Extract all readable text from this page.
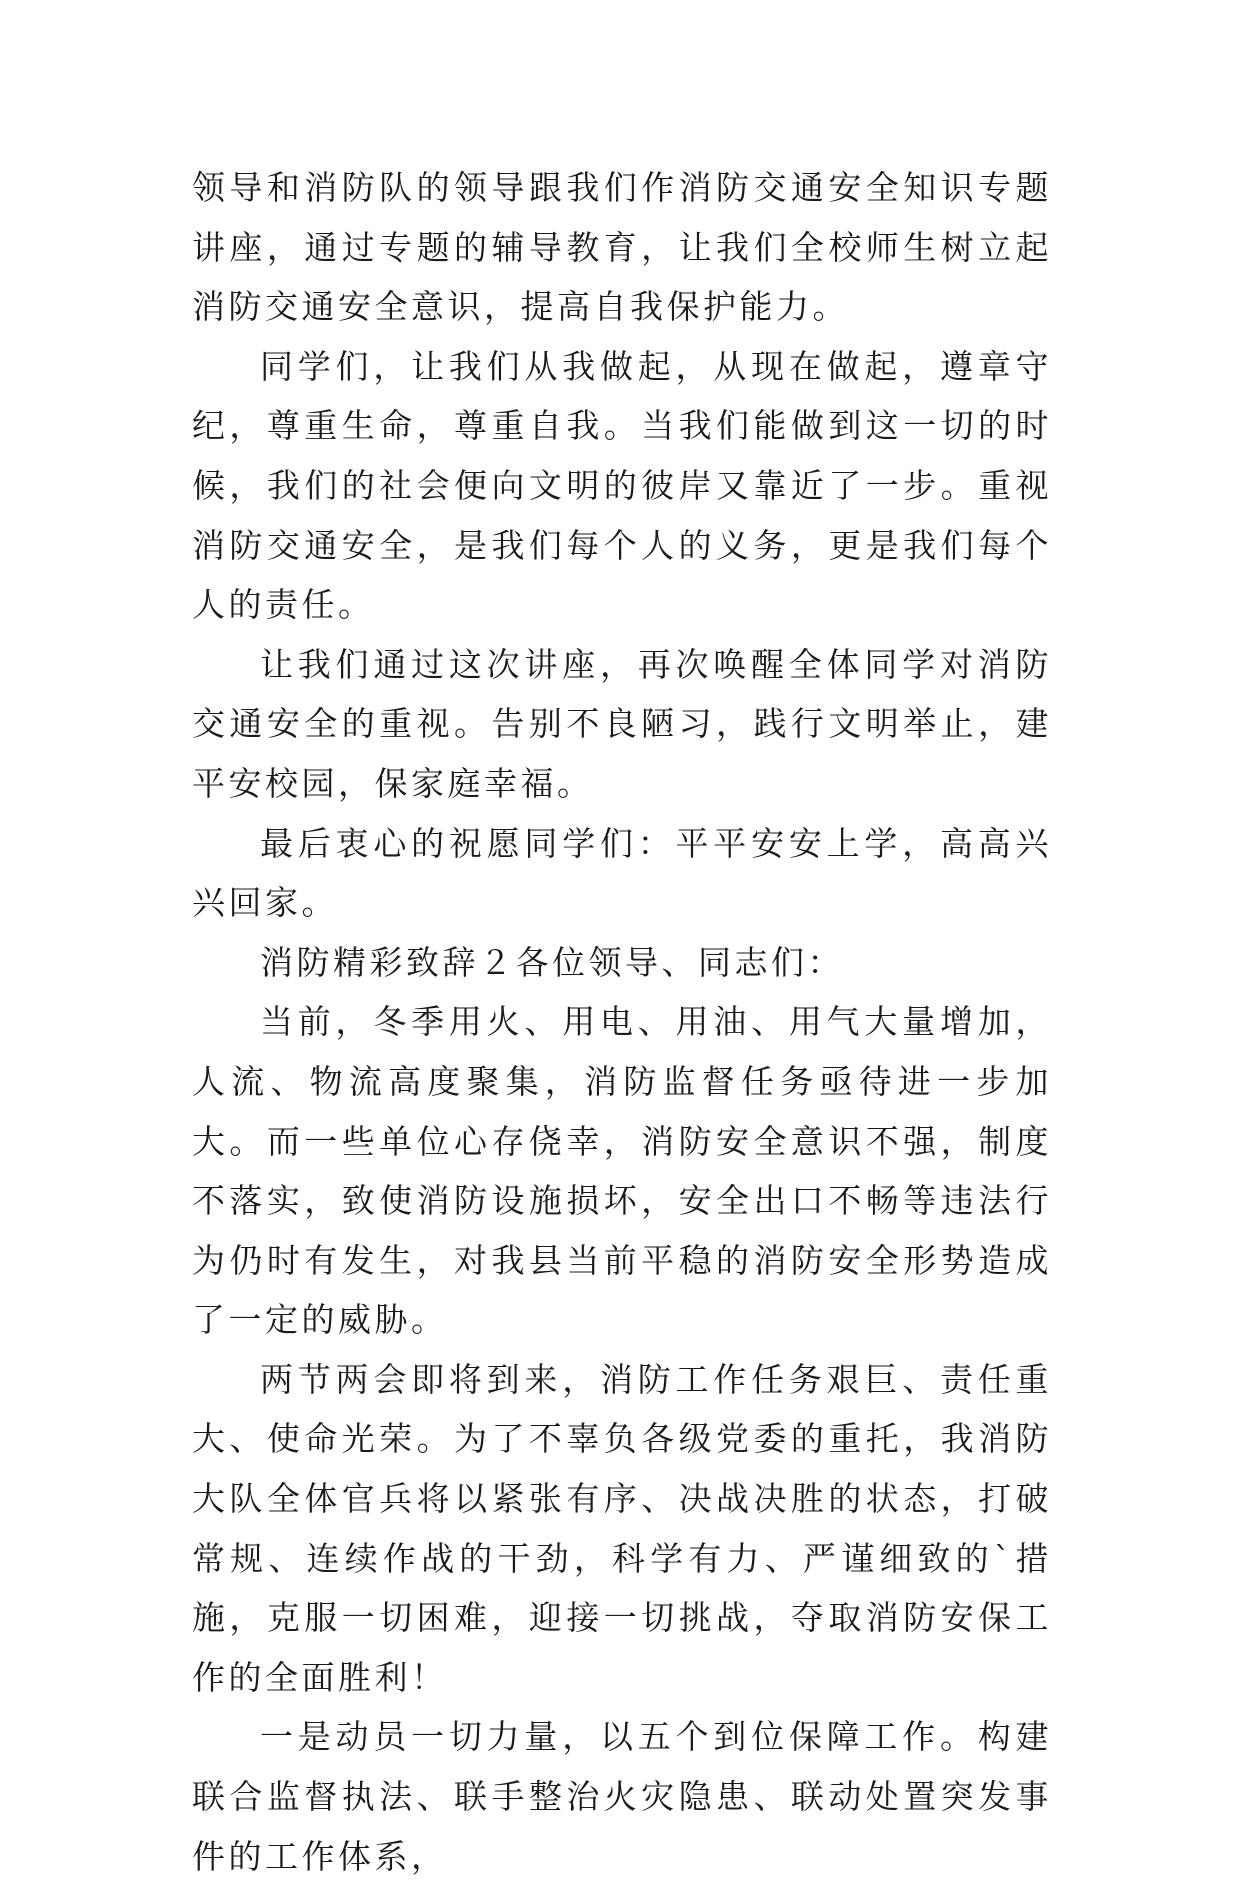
领导和消防队的领导跟我们作消防交通安全知识专题讲座，通过专题的辅导教育，让我们全校师生树立起消防交通安全意识，提高自我保护能力。

同学们，让我们从我做起，从现在做起，遵章守纪，尊重生命，尊重自我。当我们能做到这一切的时候，我们的社会便向文明的彼岸又靠近了一步。重视消防交通安全，是我们每个人的义务，更是我们每个人的责任。

让我们通过这次讲座，再次唤醒全体同学对消防交通安全的重视。告别不良陋习，践行文明举止，建平安校园，保家庭幸福。

最后衷心的祝愿同学们：平平安安上学，高高兴兴回家。

消防精彩致辞２各位领导、同志们：

当前，冬季用火、用电、用油、用气大量增加，人流、物流高度聚集，消防监督任务亟待进一步加大。而一些单位心存侥幸，消防安全意识不强，制度不落实，致使消防设施损坏，安全出口不畅等违法行为仍时有发生，对我县当前平稳的消防安全形势造成了一定的威胁。

两节两会即将到来，消防工作任务艰巨、责任重大、使命光荣。为了不辜负各级党委的重托，我消防大队全体官兵将以紧张有序、决战决胜的状态，打破常规、连续作战的干劲，科学有力、严谨细致的`措施，克服一切困难，迎接一切挑战，夺取消防安保工作的全面胜利！

一是动员一切力量，以五个到位保障工作。构建联合监督执法、联手整治火灾隐患、联动处置突发事件的工作体系，
